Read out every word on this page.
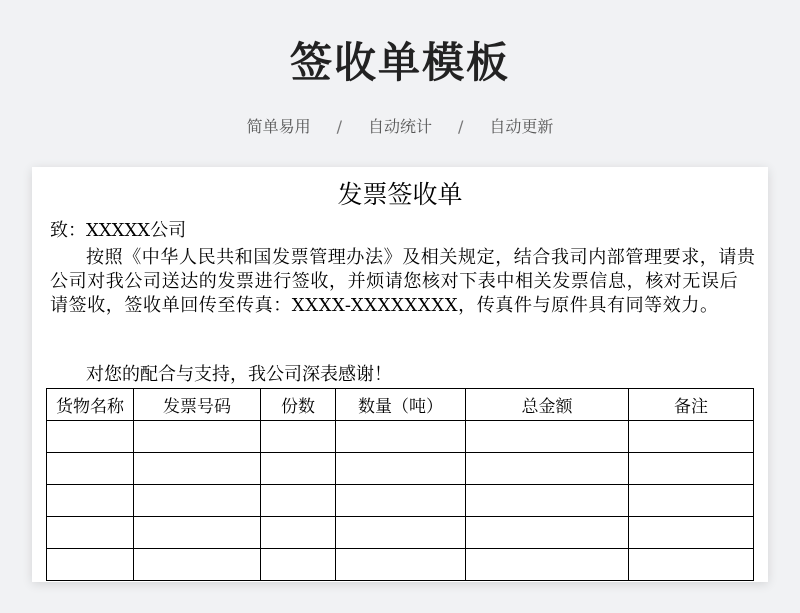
签收单模板
简单易用 / 自动统计 / 自动更新
发票签收单
致：XXXXX公司

按照《中华人民共和国发票管理办法》及相关规定，结合我司内部管理要求，请贵公司对我公司送达的发票进行签收，并烦请您核对下表中相关发票信息，核对无误后请签收，签收单回传至传真：XXXX-XXXXXXXX，传真件与原件具有同等效力。

对您的配合与支持，我公司深表感谢！
货物名称	发票号码	份数	数量（吨）	总金额	备注
